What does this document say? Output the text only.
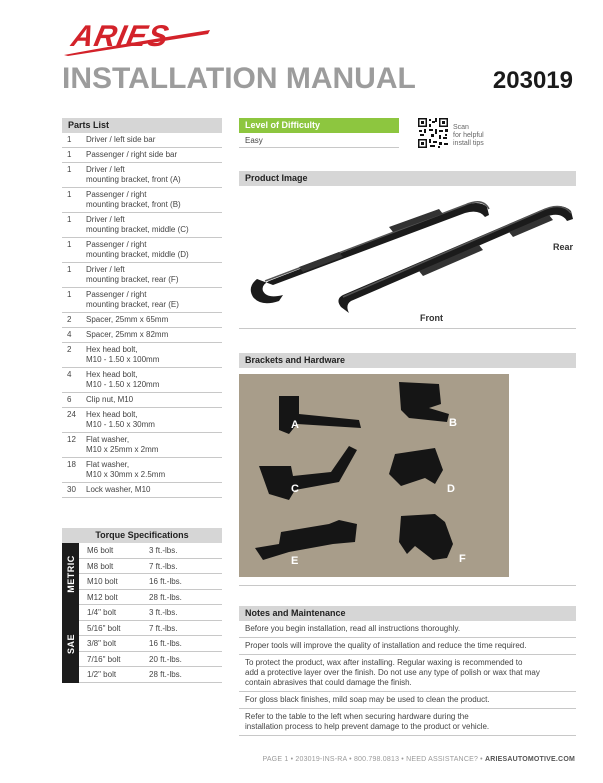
ARIES
INSTALLATION MANUAL	203019
Parts List
1	Driver / left side bar
1	Passenger / right side bar
1	Driver / left
mounting bracket, front (A)
1	Passenger / right
mounting bracket, front (B)
1	Driver / left
mounting bracket, middle (C)
1	Passenger / right
mounting bracket, middle (D)
1	Driver / left
mounting bracket, rear (F)
1	Passenger / right
mounting bracket, rear (E)
2	Spacer, 25mm x 65mm
4	Spacer, 25mm x 82mm
2	Hex head bolt,
M10 - 1.50 x 100mm
4	Hex head bolt,
M10 - 1.50 x 120mm
6	Clip nut, M10
24	Hex head bolt,
M10 - 1.50 x 30mm
12	Flat washer,
M10 x 25mm x 2mm
18	Flat washer,
M10 x 30mm x 2.5mm
30	Lock washer, M10
Torque Specifications
METRIC
M6 bolt	3 ft.-lbs.
M8 bolt	7 ft.-lbs.
M10 bolt	16 ft.-lbs.
M12 bolt	28 ft.-lbs.
SAE
1/4" bolt	3 ft.-lbs.
5/16" bolt	7 ft.-lbs.
3/8" bolt	16 ft.-lbs.
7/16" bolt	20 ft.-lbs.
1/2" bolt	28 ft.-lbs.
Level of Difficulty
Easy
Scan
for helpful
install tips
Product Image
Rear
Front
Brackets and Hardware
A	B
C	D
E	F
Notes and Maintenance
Before you begin installation, read all instructions thoroughly.
Proper tools will improve the quality of installation and reduce the time required.
To protect the product, wax after installing. Regular waxing is recommended to
add a protective layer over the finish. Do not use any type of polish or wax that may
contain abrasives that could damage the finish.
For gloss black finishes, mild soap may be used to clean the product.
Refer to the table to the left when securing hardware during the
installation process to help prevent damage to the product or vehicle.
PAGE 1 • 203019-INS-RA • 800.798.0813 • NEED ASSISTANCE? • ARIESAUTOMOTIVE.COM
